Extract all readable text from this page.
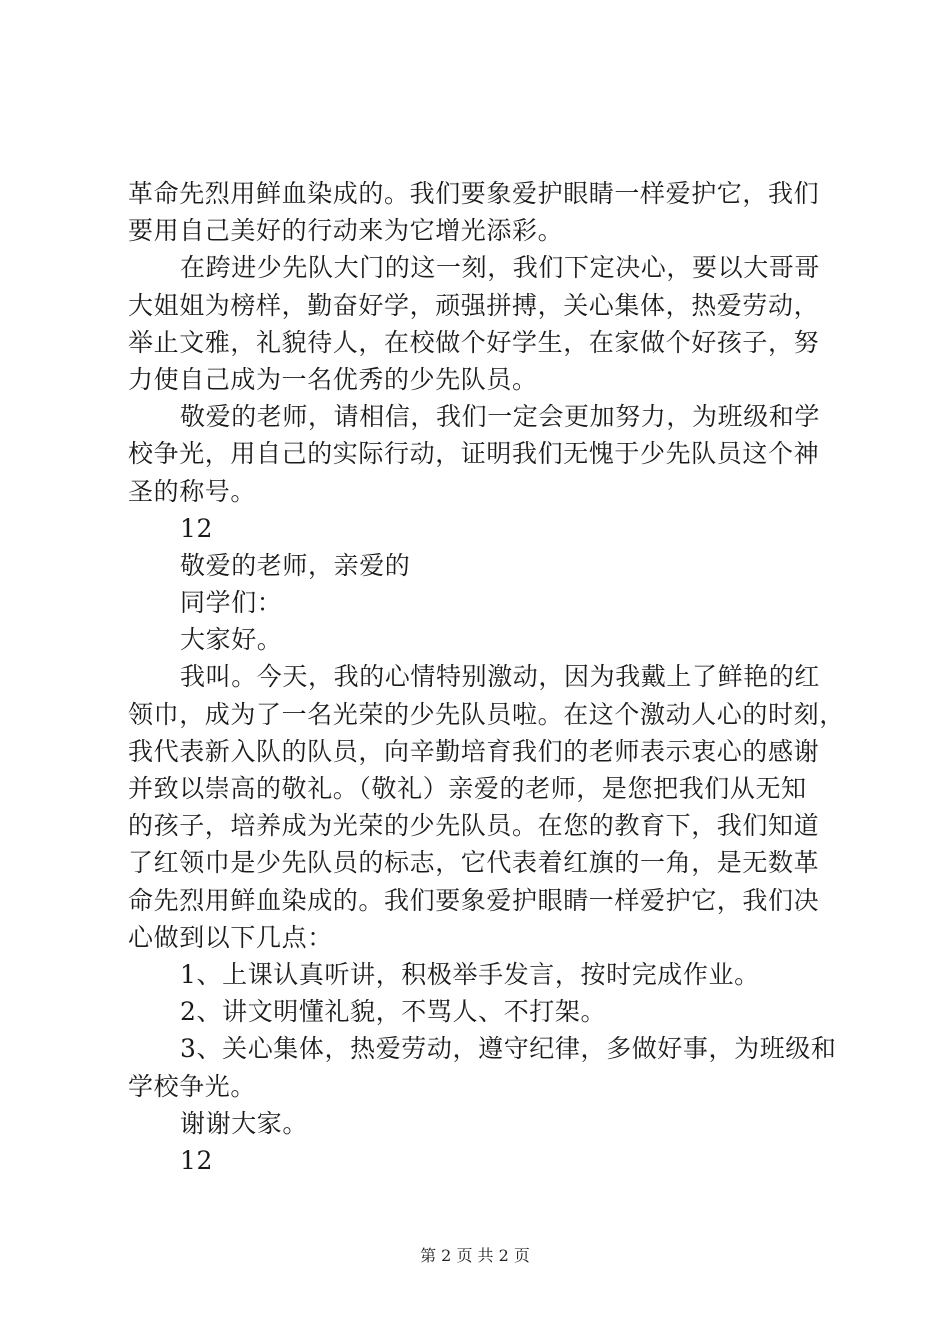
革命先烈用鲜血染成的。我们要象爱护眼睛一样爱护它，我们
要用自己美好的行动来为它增光添彩。
在跨进少先队大门的这一刻，我们下定决心，要以大哥哥
大姐姐为榜样，勤奋好学，顽强拼搏，关心集体，热爱劳动，
举止文雅，礼貌待人，在校做个好学生，在家做个好孩子，努
力使自己成为一名优秀的少先队员。
敬爱的老师，请相信，我们一定会更加努力，为班级和学
校争光，用自己的实际行动，证明我们无愧于少先队员这个神
圣的称号。
12
敬爱的老师，亲爱的
同学们：
大家好。
我叫。今天，我的心情特别激动，因为我戴上了鲜艳的红
领巾，成为了一名光荣的少先队员啦。在这个激动人心的时刻，
我代表新入队的队员，向辛勤培育我们的老师表示衷心的感谢
并致以崇高的敬礼。（敬礼）亲爱的老师，是您把我们从无知
的孩子，培养成为光荣的少先队员。在您的教育下，我们知道
了红领巾是少先队员的标志，它代表着红旗的一角，是无数革
命先烈用鲜血染成的。我们要象爱护眼睛一样爱护它，我们决
心做到以下几点：
1、上课认真听讲，积极举手发言，按时完成作业。
2、讲文明懂礼貌，不骂人、不打架。
3、关心集体，热爱劳动，遵守纪律，多做好事，为班级和
学校争光。
谢谢大家。
12
第 2 页 共 2 页
